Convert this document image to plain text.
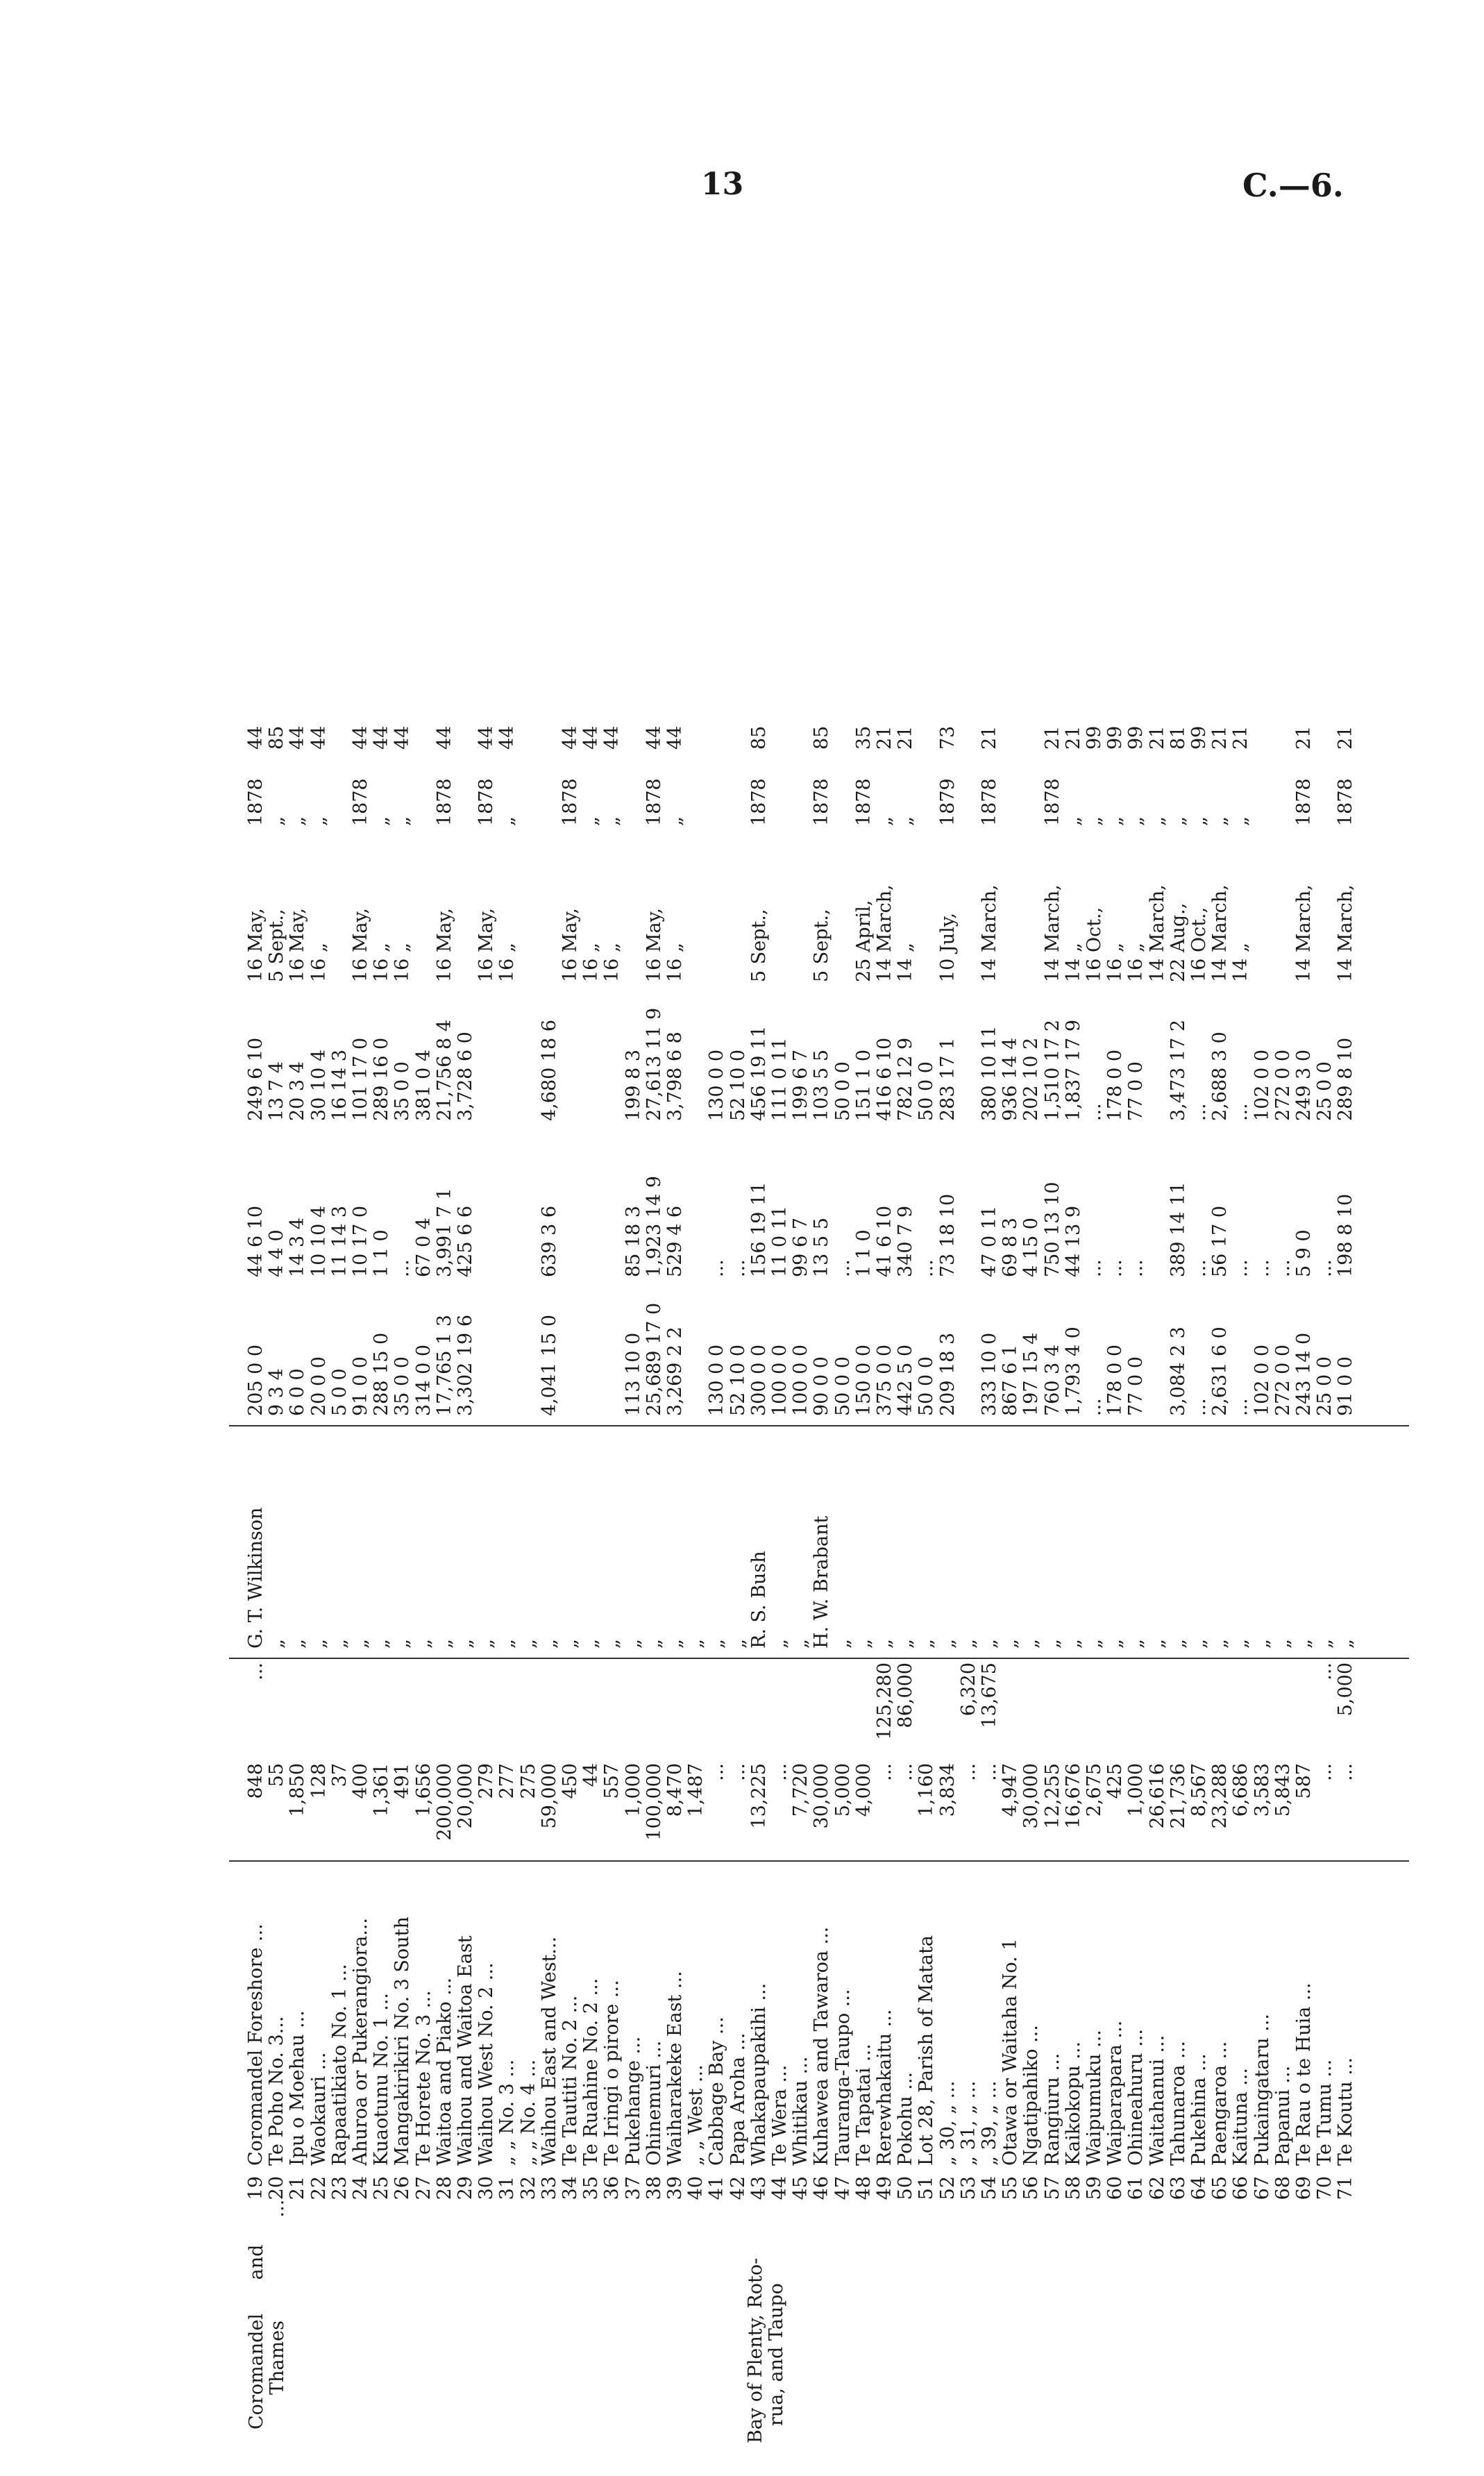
13	C.—6.
Coromandel and
Thames ...
Bay of Plenty, Roto- rua, and Taupo
19
Coromandel Foreshore ...
848
...
G. T. Wilkinson
205 0 0
44 6 10
249 6 10
16 May,
1878
44
20
Te Poho No. 3...
55
„
9 3 4
4 4 0
13 7 4
5 Sept.,
„
85
21
Ipu o Moehau ...
1,850
„
6 0 0
14 3 4
20 3 4
16 May,
„
44
22
Waokauri ...
128
„
20 0 0
10 10 4
30 10 4
16 „
„
44
23
Rapaatikiato No. 1 ...
37
„
5 0 0
11 14 3
16 14 3
24
Ahuroa or Pukerangiora...
400
„
91 0 0
10 17 0
101 17 0
16 May,
1878
44
25
Kuaotunu No. 1 ...
1,361
„
288 15 0
1 1 0
289 16 0
16 „
„
44
26
Mangakirikiri No. 3 South
491
„
35 0 0
...
35 0 0
16 „
„
44
27
Te Horete No. 3 ...
1,656
„
314 0 0
67 0 4
381 0 4
28
Waitoa and Piako ...
200,000
„
17,765 1 3
3,991 7 1
21,756 8 4
16 May,
1878
44
29
Waihou and Waitoa East
20,000
„
3,302 19 6
425 6 6
3,728 6 0
30
Waihou West No. 2 ...
279
„
16 May,
1878
44
31
„ „ No. 3 ...
277
„
16 „
„
44
32
„ „ No. 4 ...
275
„
33
Waihou East and West...
59,000
„
4,041 15 0
639 3 6
4,680 18 6
34
Te Tautiti No. 2 ...
450
„
16 May,
1878
44
35
Te Ruahine No. 2 ...
44
„
16 „
„
44
36
Te Iringi o pirore ...
557
„
16 „
„
44
37
Pukehange ...
1,000
„
113 10 0
85 18 3
199 8 3
38
Ohinemuri ...
100,000
„
25,689 17 0
1,923 14 9
27,613 11 9
16 May,
1878
44
39
Waiharakeke East ...
8,470
„
3,269 2 2
529 4 6
3,798 6 8
16 „
„
44
40
„ „ West ...
1,487
„
41
Cabbage Bay ...
...
„
130 0 0
...
130 0 0
42
Papa Aroha ...
...
„
52 10 0
...
52 10 0
43
Whakapaupakihi ...
13,225
R. S. Bush
300 0 0
156 19 11
456 19 11
5 Sept.,
1878
85
44
Te Wera ...
...
„
100 0 0
11 0 11
111 0 11
45
Whitikau ...
7,720
„
100 0 0
99 6 7
199 6 7
46
Kuhawea and Tawaroa ...
30,000
H. W. Brabant
90 0 0
13 5 5
103 5 5
5 Sept.,
1878
85
47
Tauranga-Taupo ...
5,000
„
50 0 0
...
50 0 0
48
Te Tapatai ...
4,000
„
150 0 0
1 1 0
151 1 0
25 April,
1878
35
49
Rerewhakaitu ...
...
125,280
„
375 0 0
41 6 10
416 6 10
14 March,
„
21
50
Pokohu ...
...
86,000
„
442 5 0
340 7 9
782 12 9
14 „
„
21
51
Lot 28, Parish of Matata
1,160
„
50 0 0
...
50 0 0
52
„ 30, „ ...
3,834
„
209 18 3
73 18 10
283 17 1
10 July,
1879
73
53
„ 31, „ ...
...
6,320
„
54
„ 39, „ ...
...
13,675
„
333 10 0
47 0 11
380 10 11
14 March,
1878
21
55
Otawa or Waitaha No. 1
4,947
„
867 6 1
69 8 3
936 14 4
56
Ngatipahiko ...
30,000
„
197 15 4
4 15 0
202 10 2
57
Rangiuru ...
12,255
„
760 3 4
750 13 10
1,510 17 2
14 March,
1878
21
58
Kaikokopu ...
16,676
„
1,793 4 0
44 13 9
1,837 17 9
14 „
„
21
59
Waipumuku ...
2,675
„
...
...
...
16 Oct.,
„
99
60
Waiparapara ...
425
„
178 0 0
...
178 0 0
16 „
„
99
61
Ohineahuru ...
1,000
„
77 0 0
...
77 0 0
16 „
„
99
62
Waitahanui ...
26,616
„
14 March,
„
21
63
Tahunaroa ...
21,736
„
3,084 2 3
389 14 11
3,473 17 2
22 Aug.,
„
81
64
Pukehina ...
8,567
„
...
...
...
16 Oct.,
„
99
65
Paengaroa ...
23,288
„
2,631 6 0
56 17 0
2,688 3 0
14 March,
„
21
66
Kaituna ...
6,686
„
...
...
...
14 „
„
21
67
Pukaingataru ...
3,583
„
102 0 0
...
102 0 0
68
Papanui ...
5,843
„
272 0 0
...
272 0 0
69
Te Rau o te Huia ...
587
„
243 14 0
5 9 0
249 3 0
14 March,
1878
21
70
Te Tumu ...
...
...
„
25 0 0
...
25 0 0
71
Te Koutu ...
...
5,000
„
91 0 0
198 8 10
289 8 10
14 March,
1878
21
